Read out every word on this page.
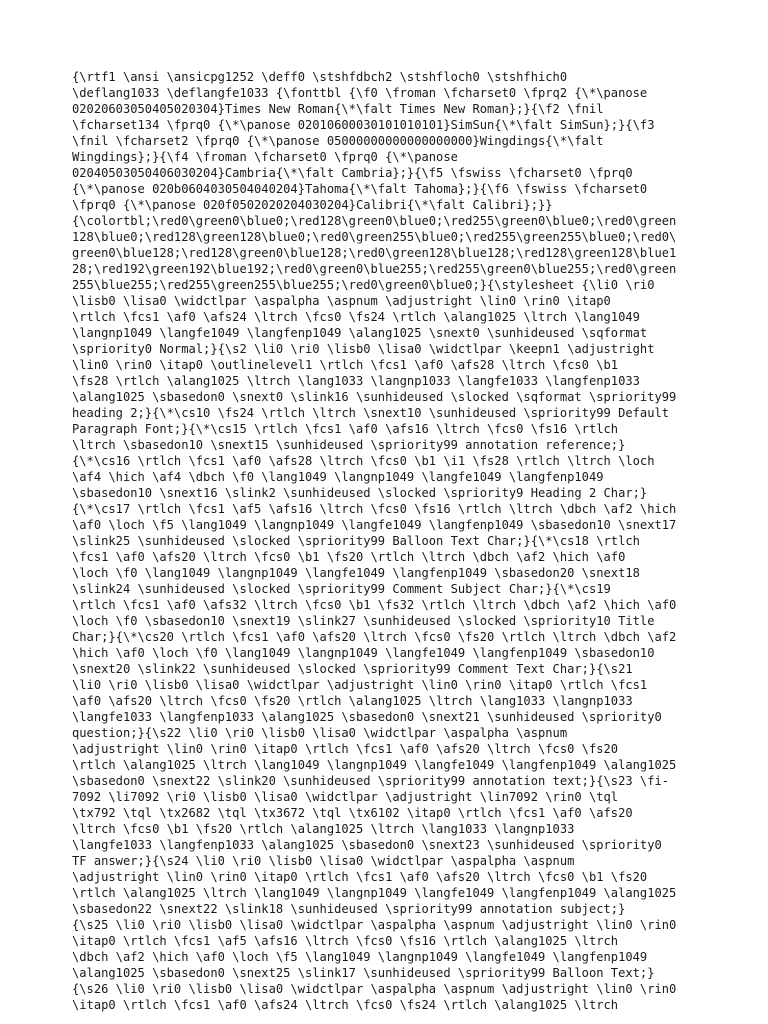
{\rtf1 \ansi \ansicpg1252 \deff0 \stshfdbch2 \stshfloch0 \stshfhich0
\deflang1033 \deflangfe1033 {\fonttbl {\f0 \froman \fcharset0 \fprq2 {\*\panose
02020603050405020304}Times New Roman{\*\falt Times New Roman};}{\f2 \fnil
\fcharset134 \fprq0 {\*\panose 02010600030101010101}SimSun{\*\falt SimSun};}{\f3
\fnil \fcharset2 \fprq0 {\*\panose 05000000000000000000}Wingdings{\*\falt
Wingdings};}{\f4 \froman \fcharset0 \fprq0 {\*\panose
02040503050406030204}Cambria{\*\falt Cambria};}{\f5 \fswiss \fcharset0 \fprq0
{\*\panose 020b0604030504040204}Tahoma{\*\falt Tahoma};}{\f6 \fswiss \fcharset0
\fprq0 {\*\panose 020f0502020204030204}Calibri{\*\falt Calibri};}}
{\colortbl;\red0\green0\blue0;\red128\green0\blue0;\red255\green0\blue0;\red0\green
128\blue0;\red128\green128\blue0;\red0\green255\blue0;\red255\green255\blue0;\red0\
green0\blue128;\red128\green0\blue128;\red0\green128\blue128;\red128\green128\blue1
28;\red192\green192\blue192;\red0\green0\blue255;\red255\green0\blue255;\red0\green
255\blue255;\red255\green255\blue255;\red0\green0\blue0;}{\stylesheet {\li0 \ri0
\lisb0 \lisa0 \widctlpar \aspalpha \aspnum \adjustright \lin0 \rin0 \itap0
\rtlch \fcs1 \af0 \afs24 \ltrch \fcs0 \fs24 \rtlch \alang1025 \ltrch \lang1049
\langnp1049 \langfe1049 \langfenp1049 \alang1025 \snext0 \sunhideused \sqformat
\spriority0 Normal;}{\s2 \li0 \ri0 \lisb0 \lisa0 \widctlpar \keepn1 \adjustright
\lin0 \rin0 \itap0 \outlinelevel1 \rtlch \fcs1 \af0 \afs28 \ltrch \fcs0 \b1
\fs28 \rtlch \alang1025 \ltrch \lang1033 \langnp1033 \langfe1033 \langfenp1033
\alang1025 \sbasedon0 \snext0 \slink16 \sunhideused \slocked \sqformat \spriority99
heading 2;}{\*\cs10 \fs24 \rtlch \ltrch \snext10 \sunhideused \spriority99 Default
Paragraph Font;}{\*\cs15 \rtlch \fcs1 \af0 \afs16 \ltrch \fcs0 \fs16 \rtlch
\ltrch \sbasedon10 \snext15 \sunhideused \spriority99 annotation reference;}
{\*\cs16 \rtlch \fcs1 \af0 \afs28 \ltrch \fcs0 \b1 \i1 \fs28 \rtlch \ltrch \loch
\af4 \hich \af4 \dbch \f0 \lang1049 \langnp1049 \langfe1049 \langfenp1049
\sbasedon10 \snext16 \slink2 \sunhideused \slocked \spriority9 Heading 2 Char;}
{\*\cs17 \rtlch \fcs1 \af5 \afs16 \ltrch \fcs0 \fs16 \rtlch \ltrch \dbch \af2 \hich
\af0 \loch \f5 \lang1049 \langnp1049 \langfe1049 \langfenp1049 \sbasedon10 \snext17
\slink25 \sunhideused \slocked \spriority99 Balloon Text Char;}{\*\cs18 \rtlch
\fcs1 \af0 \afs20 \ltrch \fcs0 \b1 \fs20 \rtlch \ltrch \dbch \af2 \hich \af0
\loch \f0 \lang1049 \langnp1049 \langfe1049 \langfenp1049 \sbasedon20 \snext18
\slink24 \sunhideused \slocked \spriority99 Comment Subject Char;}{\*\cs19
\rtlch \fcs1 \af0 \afs32 \ltrch \fcs0 \b1 \fs32 \rtlch \ltrch \dbch \af2 \hich \af0
\loch \f0 \sbasedon10 \snext19 \slink27 \sunhideused \slocked \spriority10 Title
Char;}{\*\cs20 \rtlch \fcs1 \af0 \afs20 \ltrch \fcs0 \fs20 \rtlch \ltrch \dbch \af2
\hich \af0 \loch \f0 \lang1049 \langnp1049 \langfe1049 \langfenp1049 \sbasedon10
\snext20 \slink22 \sunhideused \slocked \spriority99 Comment Text Char;}{\s21
\li0 \ri0 \lisb0 \lisa0 \widctlpar \adjustright \lin0 \rin0 \itap0 \rtlch \fcs1
\af0 \afs20 \ltrch \fcs0 \fs20 \rtlch \alang1025 \ltrch \lang1033 \langnp1033
\langfe1033 \langfenp1033 \alang1025 \sbasedon0 \snext21 \sunhideused \spriority0
question;}{\s22 \li0 \ri0 \lisb0 \lisa0 \widctlpar \aspalpha \aspnum
\adjustright \lin0 \rin0 \itap0 \rtlch \fcs1 \af0 \afs20 \ltrch \fcs0 \fs20
\rtlch \alang1025 \ltrch \lang1049 \langnp1049 \langfe1049 \langfenp1049 \alang1025
\sbasedon0 \snext22 \slink20 \sunhideused \spriority99 annotation text;}{\s23 \fi-
7092 \li7092 \ri0 \lisb0 \lisa0 \widctlpar \adjustright \lin7092 \rin0 \tql
\tx792 \tql \tx2682 \tql \tx3672 \tql \tx6102 \itap0 \rtlch \fcs1 \af0 \afs20
\ltrch \fcs0 \b1 \fs20 \rtlch \alang1025 \ltrch \lang1033 \langnp1033
\langfe1033 \langfenp1033 \alang1025 \sbasedon0 \snext23 \sunhideused \spriority0
TF answer;}{\s24 \li0 \ri0 \lisb0 \lisa0 \widctlpar \aspalpha \aspnum
\adjustright \lin0 \rin0 \itap0 \rtlch \fcs1 \af0 \afs20 \ltrch \fcs0 \b1 \fs20
\rtlch \alang1025 \ltrch \lang1049 \langnp1049 \langfe1049 \langfenp1049 \alang1025
\sbasedon22 \snext22 \slink18 \sunhideused \spriority99 annotation subject;}
{\s25 \li0 \ri0 \lisb0 \lisa0 \widctlpar \aspalpha \aspnum \adjustright \lin0 \rin0
\itap0 \rtlch \fcs1 \af5 \afs16 \ltrch \fcs0 \fs16 \rtlch \alang1025 \ltrch
\dbch \af2 \hich \af0 \loch \f5 \lang1049 \langnp1049 \langfe1049 \langfenp1049
\alang1025 \sbasedon0 \snext25 \slink17 \sunhideused \spriority99 Balloon Text;}
{\s26 \li0 \ri0 \lisb0 \lisa0 \widctlpar \aspalpha \aspnum \adjustright \lin0 \rin0
\itap0 \rtlch \fcs1 \af0 \afs24 \ltrch \fcs0 \fs24 \rtlch \alang1025 \ltrch
